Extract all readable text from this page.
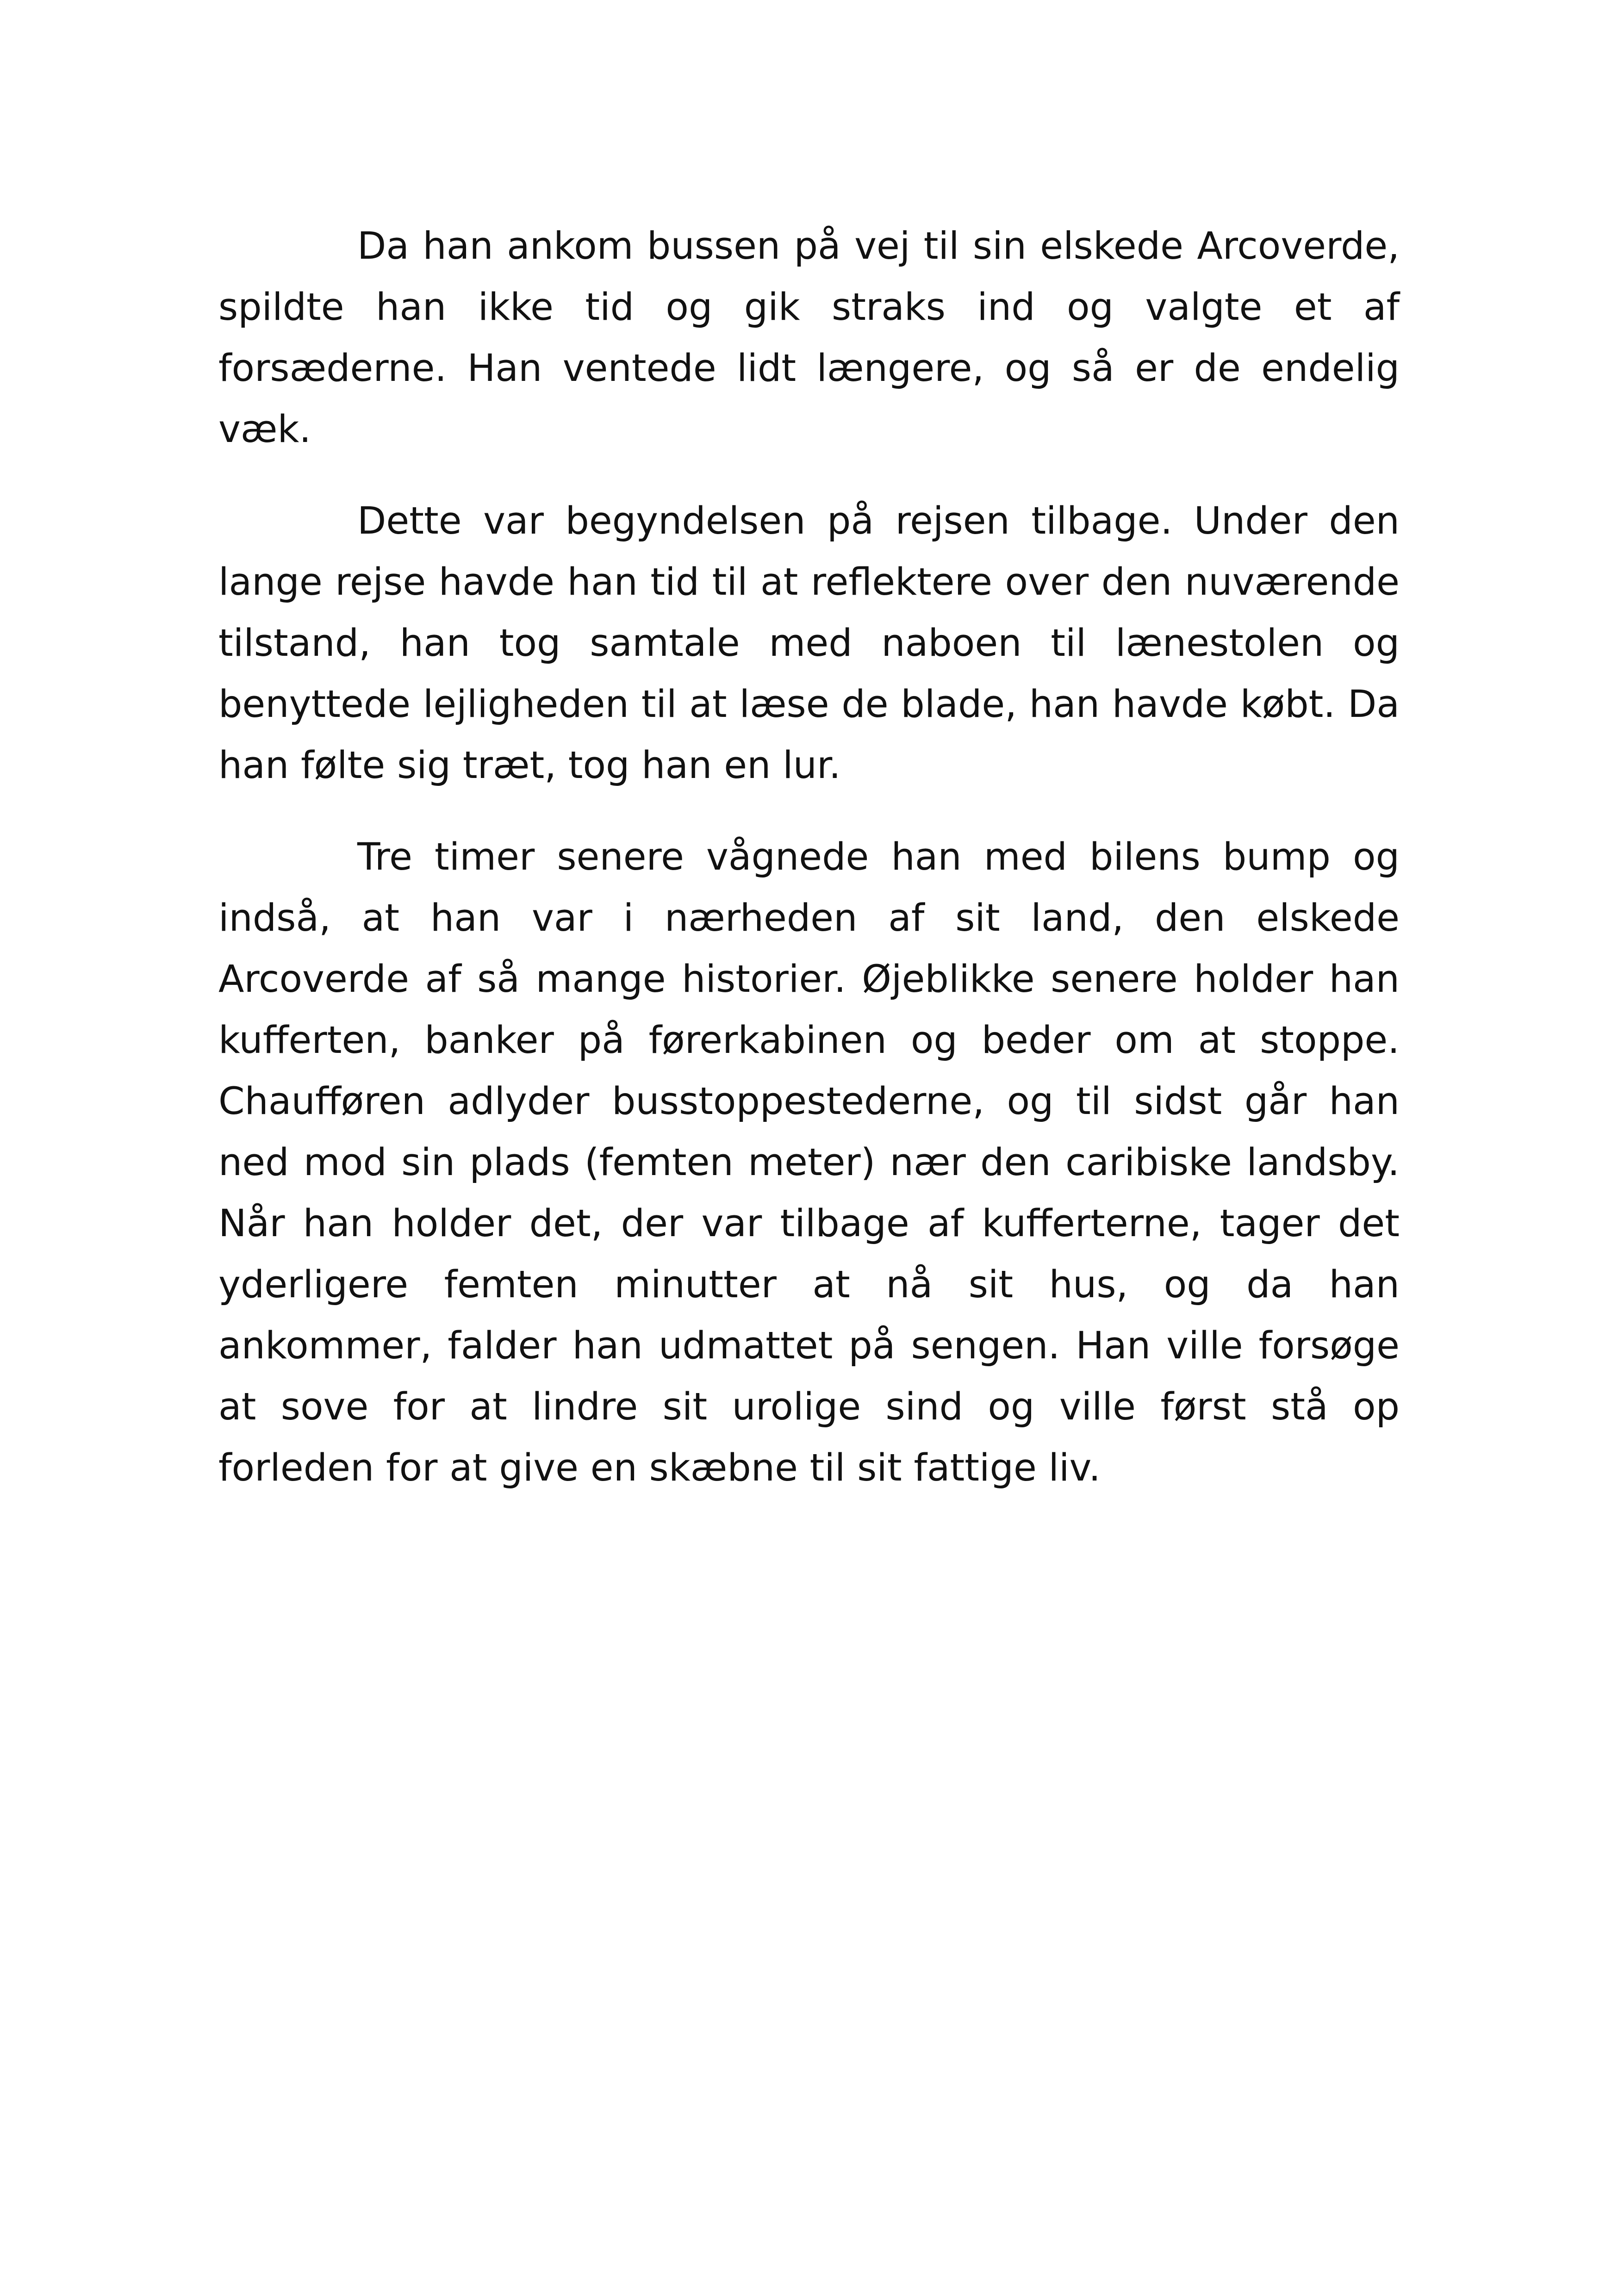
Da han ankom bussen på vej til sin elskede Arcoverde, spildte han ikke tid og gik straks ind og valgte et af forsæderne. Han ventede lidt længere, og så er de endelig væk.

Dette var begyndelsen på rejsen tilbage. Under den lange rejse havde han tid til at reflektere over den nuværende tilstand, han tog samtale med naboen til lænestolen og benyttede lejligheden til at læse de blade, han havde købt. Da han følte sig træt, tog han en lur.

Tre timer senere vågnede han med bilens bump og indså, at han var i nærheden af sit land, den elskede Arcoverde af så mange historier. Øjeblikke senere holder han kufferten, banker på førerkabinen og beder om at stoppe. Chaufføren adlyder busstoppestederne, og til sidst går han ned mod sin plads (femten meter) nær den caribiske landsby. Når han holder det, der var tilbage af kufferterne, tager det yderligere femten minutter at nå sit hus, og da han ankommer, falder han udmattet på sengen. Han ville forsøge at sove for at lindre sit urolige sind og ville først stå op forleden for at give en skæbne til sit fattige liv.
